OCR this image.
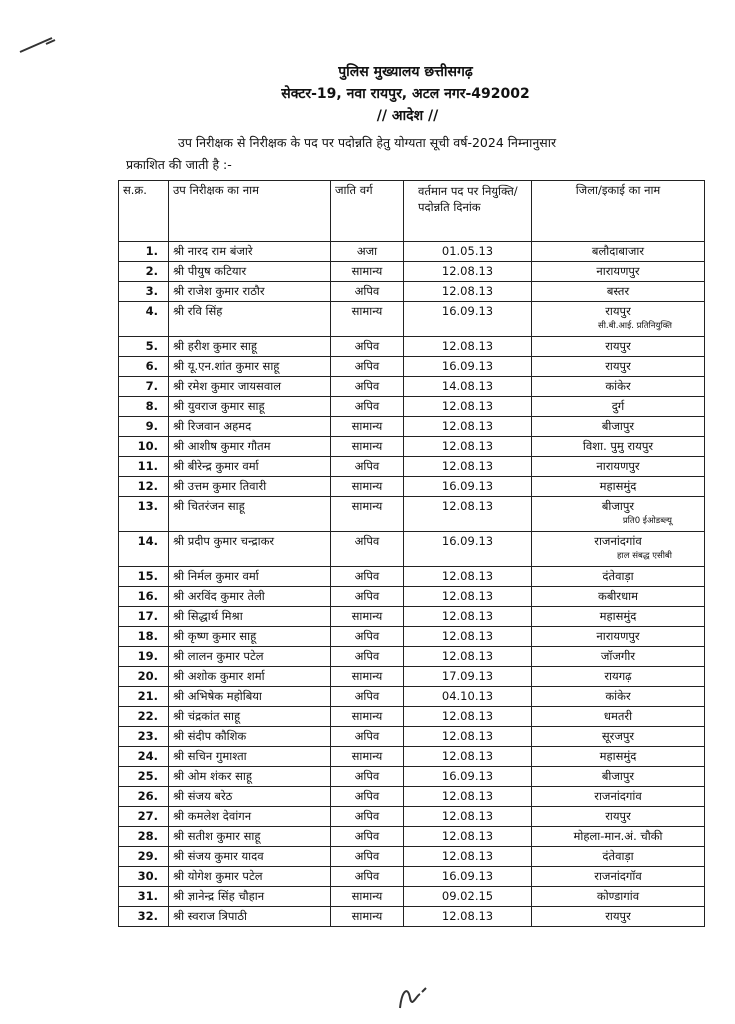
पुलिस मुख्यालय छत्तीसगढ़
सेक्टर-19, नवा रायपुर, अटल नगर-492002
// आदेश //
उप निरीक्षक से निरीक्षक के पद पर पदोन्नति हेतु योग्यता सूची वर्ष-2024 निम्नानुसार
प्रकाशित की जाती है :-
स.क्र.	उप निरीक्षक का नाम	जाति वर्ग	वर्तमान पद पर नियुक्ति/पदोन्नति दिनांक	जिला/इकाई का नाम
1.	श्री नारद राम बंजारे	अजा	01.05.13	बलौदाबाजार

2.	श्री पीयुष कटियार	सामान्य	12.08.13	नारायणपुर

3.	श्री राजेश कुमार राठौर	अपिव	12.08.13	बस्तर

4.	श्री रवि सिंह	सामान्य	16.09.13	रायपुर
सी.बी.आई. प्रतिनियुक्ति

5.	श्री हरीश कुमार साहू	अपिव	12.08.13	रायपुर

6.	श्री यू.एन.शांत कुमार साहू	अपिव	16.09.13	रायपुर

7.	श्री रमेश कुमार जायसवाल	अपिव	14.08.13	कांकेर

8.	श्री युवराज कुमार साहू	अपिव	12.08.13	दुर्ग

9.	श्री रिजवान अहमद	सामान्य	12.08.13	बीजापुर

10.	श्री आशीष कुमार गौतम	सामान्य	12.08.13	विशा. पुमु रायपुर

11.	श्री बीरेन्द्र कुमार वर्मा	अपिव	12.08.13	नारायणपुर

12.	श्री उत्तम कुमार तिवारी	सामान्य	16.09.13	महासमुंद

13.	श्री चितरंजन साहू	सामान्य	12.08.13	बीजापुर
प्रति0 ईओडब्ल्यू

14.	श्री प्रदीप कुमार चन्द्राकर	अपिव	16.09.13	राजनांदगांव
हाल संबद्ध एसीबी

15.	श्री निर्मल कुमार वर्मा	अपिव	12.08.13	दंतेवाड़ा

16.	श्री अरविंद कुमार तेली	अपिव	12.08.13	कबीरधाम

17.	श्री सिद्धार्थ मिश्रा	सामान्य	12.08.13	महासमुंद

18.	श्री कृष्ण कुमार साहू	अपिव	12.08.13	नारायणपुर

19.	श्री लालन कुमार पटेल	अपिव	12.08.13	जॉजगीर

20.	श्री अशोक कुमार शर्मा	सामान्य	17.09.13	रायगढ़

21.	श्री अभिषेक महोबिया	अपिव	04.10.13	कांकेर

22.	श्री चंद्रकांत साहू	सामान्य	12.08.13	धमतरी

23.	श्री संदीप कौशिक	अपिव	12.08.13	सूरजपुर

24.	श्री सचिन गुमाश्ता	सामान्य	12.08.13	महासमुंद

25.	श्री ओम शंकर साहू	अपिव	16.09.13	बीजापुर

26.	श्री संजय बरेठ	अपिव	12.08.13	राजनांदगांव

27.	श्री कमलेश देवांगन	अपिव	12.08.13	रायपुर

28.	श्री सतीश कुमार साहू	अपिव	12.08.13	मोहला-मान.अं. चौकी

29.	श्री संजय कुमार यादव	अपिव	12.08.13	दंतेवाड़ा

30.	श्री योगेश कुमार पटेल	अपिव	16.09.13	राजनांदगॉव

31.	श्री ज्ञानेन्द्र सिंह चौहान	सामान्य	09.02.15	कोण्डागांव

32.	श्री स्वराज त्रिपाठी	सामान्य	12.08.13	रायपुर
